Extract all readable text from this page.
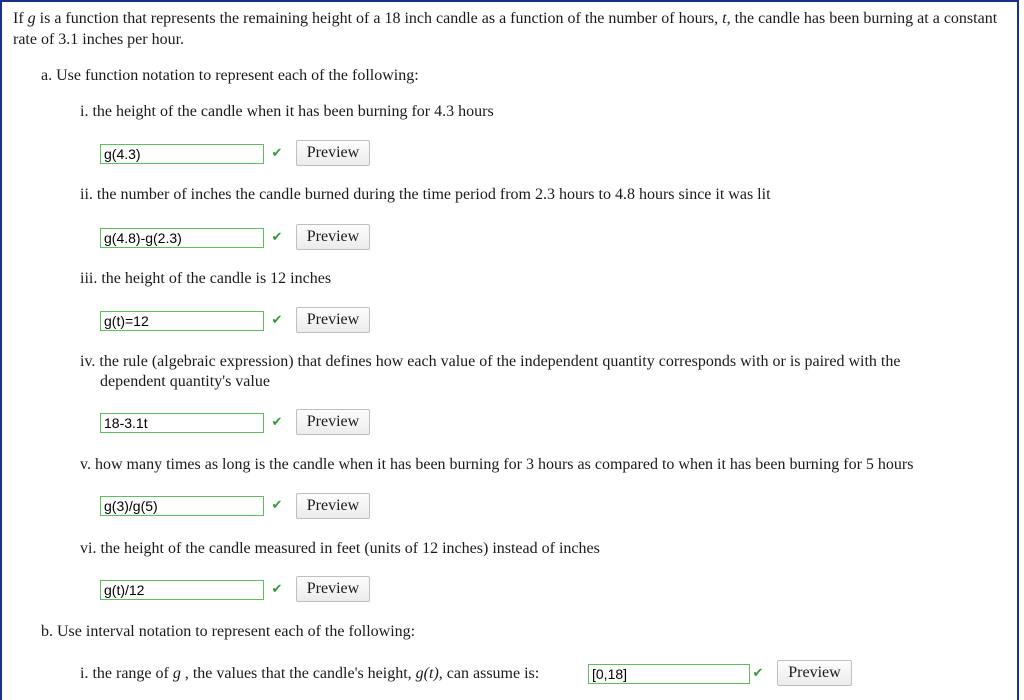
If g is a function that represents the remaining height of a 18 inch candle as a function of the number of hours, t, the candle has been burning at a constant rate of 3.1 inches per hour.
a. Use function notation to represent each of the following:
i. the height of the candle when it has been burning for 4.3 hours
g(4.3)	✔	Preview
ii. the number of inches the candle burned during the time period from 2.3 hours to 4.8 hours since it was lit
g(4.8)-g(2.3)	✔	Preview
iii. the height of the candle is 12 inches
g(t)=12	✔	Preview
iv. the rule (algebraic expression) that defines how each value of the independent quantity corresponds with or is paired with the
dependent quantity's value
18-3.1t	✔	Preview
v. how many times as long is the candle when it has been burning for 3 hours as compared to when it has been burning for 5 hours
g(3)/g(5)	✔	Preview
vi. the height of the candle measured in feet (units of 12 inches) instead of inches
g(t)/12	✔	Preview
b. Use interval notation to represent each of the following:
i. the range of g , the values that the candle's height, g(t), can assume is:	[0,18]	✔	Preview
